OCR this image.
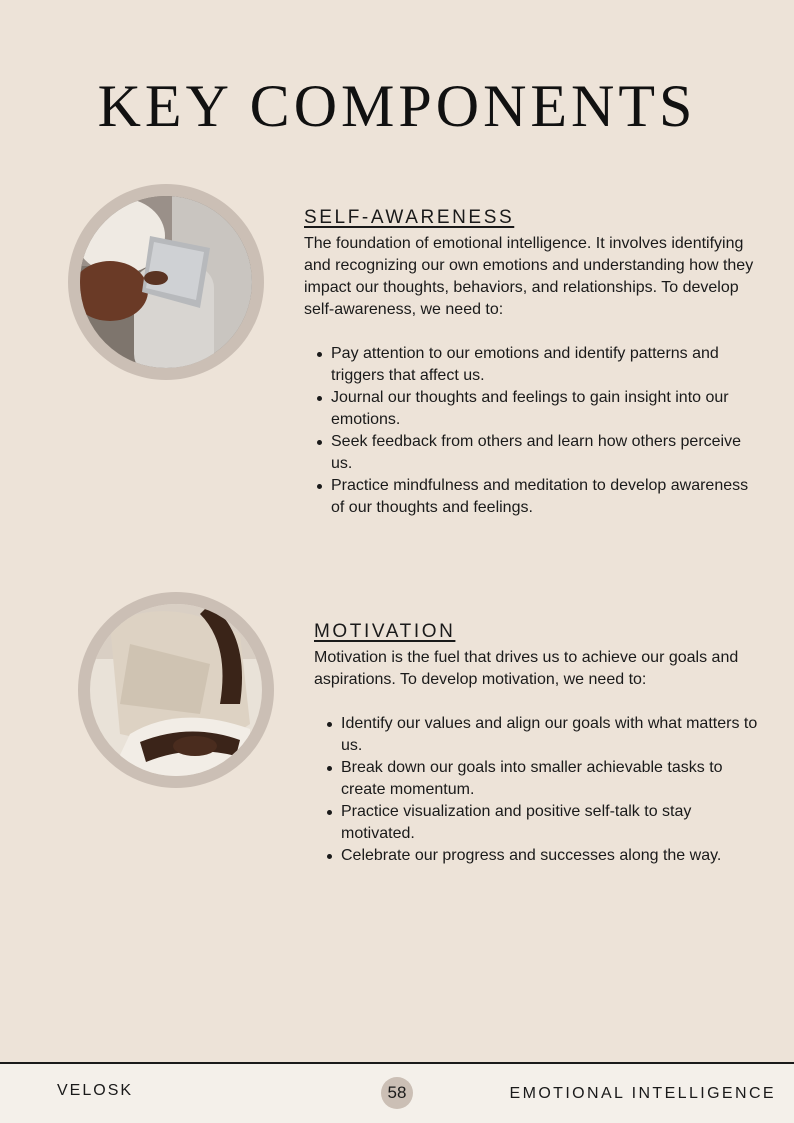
KEY COMPONENTS
SELF-AWARENESS
The foundation of emotional intelligence. It involves identifying and recognizing our own emotions and understanding how they impact our thoughts, behaviors, and relationships. To develop self-awareness, we need to:
Pay attention to our emotions and identify patterns and triggers that affect us.
Journal our thoughts and feelings to gain insight into our emotions.
Seek feedback from others and learn how others perceive us.
Practice mindfulness and meditation to develop awareness of our thoughts and feelings.
MOTIVATION
Motivation is the fuel that drives us to achieve our goals and aspirations. To develop motivation, we need to:
Identify our values and align our goals with what matters to us.
Break down our goals into smaller achievable tasks to create momentum.
Practice visualization and positive self-talk to stay motivated.
Celebrate our progress and successes along the way.
VELOSK	58	EMOTIONAL INTELLIGENCE
